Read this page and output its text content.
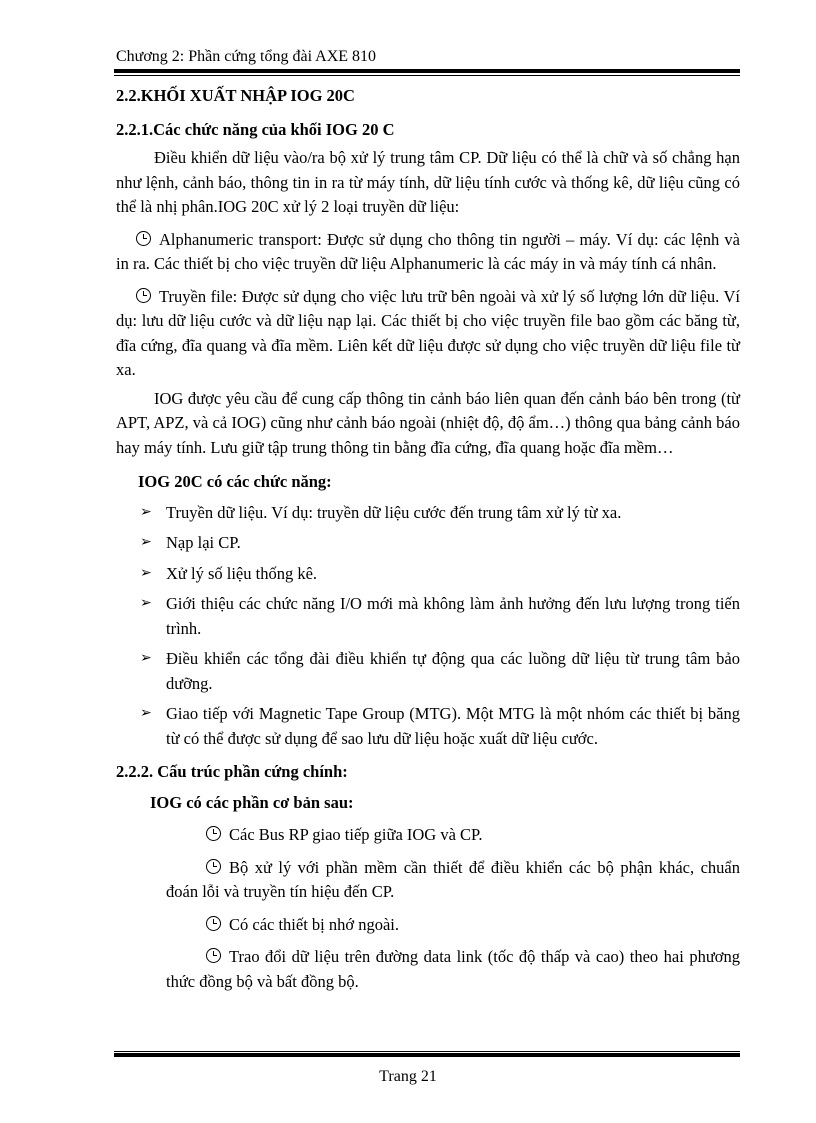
Chương 2: Phần cứng tổng đài AXE 810
2.2.KHỐI XUẤT NHẬP IOG 20C
2.2.1.Các chức năng của khối IOG 20 C

Điều khiển dữ liệu vào/ra bộ xử lý trung tâm CP. Dữ liệu có thể là chữ và số chẳng hạn như lệnh, cảnh báo, thông tin in ra từ máy tính, dữ liệu tính cước và thống kê, dữ liệu cũng có thể là nhị phân.IOG 20C xử lý 2 loại truyền dữ liệu:

Alphanumeric transport: Được sử dụng cho thông tin người – máy. Ví dụ: các lệnh và in ra. Các thiết bị cho việc truyền dữ liệu Alphanumeric là các máy in và máy tính cá nhân.

Truyền file: Được sử dụng cho việc lưu trữ bên ngoài và xử lý số lượng lớn dữ liệu. Ví dụ: lưu dữ liệu cước và dữ liệu nạp lại. Các thiết bị cho việc truyền file bao gồm các băng từ, đĩa cứng, đĩa quang và đĩa mềm. Liên kết dữ liệu được sử dụng cho việc truyền dữ liệu file từ xa.

IOG được yêu cầu để cung cấp thông tin cảnh báo liên quan đến cảnh báo bên trong (từ APT, APZ, và cả IOG) cũng như cảnh báo ngoài (nhiệt độ, độ ẩm…) thông qua bảng cảnh báo hay máy tính. Lưu giữ tập trung thông tin bằng đĩa cứng, đĩa quang hoặc đĩa mềm…

IOG 20C có các chức năng:
➢ Truyền dữ liệu. Ví dụ: truyền dữ liệu cước đến trung tâm xử lý từ xa.
➢ Nạp lại CP.
➢ Xử lý số liệu thống kê.
➢ Giới thiệu các chức năng I/O mới mà không làm ảnh hưởng đến lưu lượng trong tiến trình.
➢ Điều khiển các tổng đài điều khiển tự động qua các luồng dữ liệu từ trung tâm bảo dưỡng.
➢ Giao tiếp với Magnetic Tape Group (MTG). Một MTG là một nhóm các thiết bị băng từ có thể được sử dụng để sao lưu dữ liệu hoặc xuất dữ liệu cước.
2.2.2. Cấu trúc phần cứng chính:
IOG có các phần cơ bản sau:

Các Bus RP giao tiếp giữa IOG và CP.

Bộ xử lý với phần mềm cần thiết để điều khiển các bộ phận khác, chuẩn đoán lỗi và truyền tín hiệu đến CP.

Có các thiết bị nhớ ngoài.

Trao đổi dữ liệu trên đường data link (tốc độ thấp và cao) theo hai phương thức đồng bộ và bất đồng bộ.

Trang 21
